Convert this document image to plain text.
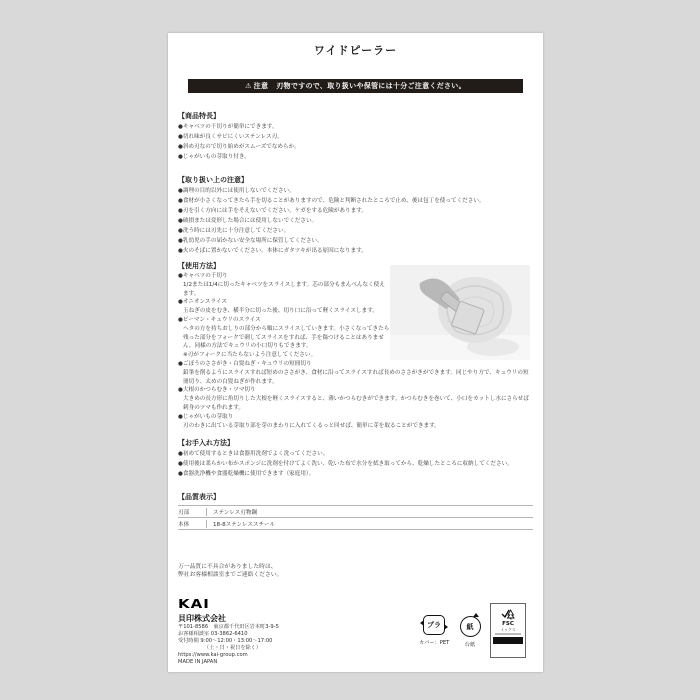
ワイドピーラー
⚠ 注意 刃物ですので、取り扱いや保管には十分ご注意ください。
【商品特長】
●キャベツの千切りが簡単にできます。
●切れ味が良くサビにくいステンレス刃。
●斜め刃なので切り始めがスムーズでなめらか。
●じゃがいもの芽取り付き。
【取り扱い上の注意】
●調理の目的以外には使用しないでください。
●食材が小さくなってきたら手を切ることがありますので、危険と判断されたところで止め、後は包丁を使ってください。
●刃を引く方向には手をそえないでください。ケガをする危険があります。
●破損または変形した場合には使用しないでください。
●洗う時には刃先に十分注意してください。
●乳幼児の手の届かない安全な場所に保管してください。
●火のそばに置かないでください。本体にガタツキが出る原因になります。
【使用方法】
●キャベツの千切り
1/2または1/4に切ったキャベツをスライスします。芯の部分もまんべんなく使えます。
●オニオンスライス
玉ねぎの皮をむき、横半分に切った後、切り口に沿って軽くスライスします。
●ピーマン・キュウリのスライス
ヘタの方を持ちおしりの部分から順にスライスしていきます。小さくなってきたら残った部分をフォークで刺してスライスをすれば、手を傷つけることはありません。同様の方法でキュウリの小口切りもできます。
※刃がフォークに当たらないよう注意してください。
●ごぼうのささがき・白髪ねぎ・キュウリの短冊切り
鉛筆を削るようにスライスすれば短めのささがき、食材に沿ってスライスすれば長めのささがきができます。同じやり方で、キュウリの短冊切り、太めの白髪ねぎが作れます。
●大根のかつらむき・ツマ切り
大きめの長方形に角切りした大根を軽くスライスすると、薄いかつらむきができます。かつらむきを巻いて、小口をカットし水にさらせば刺身のツマも作れます。
●じゃがいもの芽取り
刃のわきに出ている芽取り部を芽のまわりに入れてくるっと回せば、簡単に芽を取ることができます。
【お手入れ方法】
●初めて使用するときは食器用洗剤でよく洗ってください。
●使用後は柔らかい布かスポンジに洗剤を付けてよく洗い、乾いた布で水分を拭き取ってから、乾燥したところに収納してください。
●食器洗浄機や食器乾燥機に使用できます（家庭用）。
【品質表示】
刃部	ステンレス刃物鋼
本体	18-8ステンレススチール
万一品質に不具合がありました時は、
弊社お客様相談室までご連絡ください。
KAI
貝印株式会社
〒101-8586　東京都千代田区岩本町3-9-5
お客様相談室 03-3862-6410
受付時間 9:00～12:00・13:00～17:00
（土・日・祝日を除く）
https://www.kai-group.com
MADE IN JAPAN
プラ
カバー：PET
紙
台紙
FSC
ミックス
